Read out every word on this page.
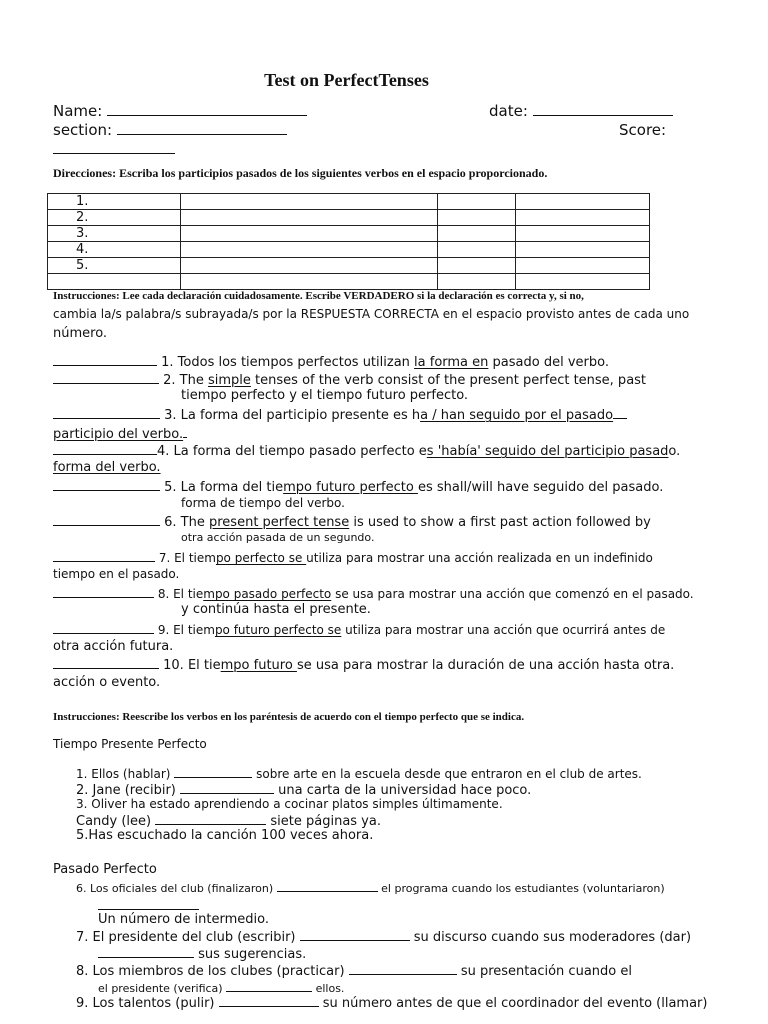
Test on PerfectTenses
Name:	date:
section:	Score:
Direcciones: Escriba los participios pasados de los siguientes verbos en el espacio proporcionado.
1.			
2.			
3.			
4.			
5.			

Instrucciones: Lee cada declaración cuidadosamente. Escribe VERDADERO si la declaración es correcta y, si no,
cambia la/s palabra/s subrayada/s por la RESPUESTA CORRECTA en el espacio provisto antes de cada uno
número.
1. Todos los tiempos perfectos utilizan la forma en pasado del verbo.
2. The simple tenses of the verb consist of the present perfect tense, past
tiempo perfecto y el tiempo futuro perfecto.
3. La forma del participio presente es ha / han seguido por el pasado
participio del verbo.
4. La forma del tiempo pasado perfecto es 'había' seguido del participio pasado.
forma del verbo.
5. La forma del tiempo futuro perfecto es shall/will have seguido del pasado.
forma de tiempo del verbo.
6. The present perfect tense is used to show a first past action followed by
otra acción pasada de un segundo.
7. El tiempo perfecto se utiliza para mostrar una acción realizada en un indefinido
tiempo en el pasado.
8. El tiempo pasado perfecto se usa para mostrar una acción que comenzó en el pasado.
y continúa hasta el presente.
9. El tiempo futuro perfecto se utiliza para mostrar una acción que ocurrirá antes de
otra acción futura.
10. El tiempo futuro se usa para mostrar la duración de una acción hasta otra.
acción o evento.
Instrucciones: Reescribe los verbos en los paréntesis de acuerdo con el tiempo perfecto que se indica.
Tiempo Presente Perfecto
1. Ellos (hablar)	sobre arte en la escuela desde que entraron en el club de artes.
2. Jane (recibir)	una carta de la universidad hace poco.
3. Oliver ha estado aprendiendo a cocinar platos simples últimamente.
Candy (lee)	siete páginas ya.
5.Has escuchado la canción 100 veces ahora.
Pasado Perfecto
6. Los oficiales del club (finalizaron)	el programa cuando los estudiantes (voluntariaron)
Un número de intermedio.
7. El presidente del club (escribir)	su discurso cuando sus moderadores (dar)
sus sugerencias.
8. Los miembros de los clubes (practicar)	su presentación cuando el
el presidente (verifica)	ellos.
9. Los talentos (pulir)	su número antes de que el coordinador del evento (llamar)
